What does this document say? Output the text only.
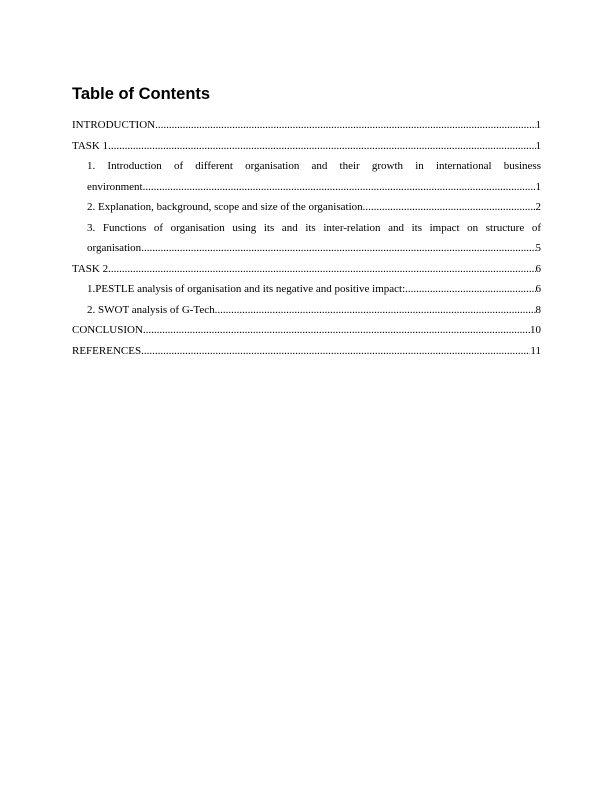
Table of Contents
INTRODUCTION .....	1
TASK 1 .....	1
1. Introduction of different organisation and their growth in international business
environment .....	1
2. Explanation, background, scope and size of the organisation .....	2
3. Functions of organisation using its and its inter-relation and its impact on structure of
organisation .....	5
TASK 2 .....	6
1.PESTLE analysis of organisation and its negative and positive impact: .....	6
2. SWOT analysis of G-Tech .....	8
CONCLUSION .....	10
REFERENCES .....	11
